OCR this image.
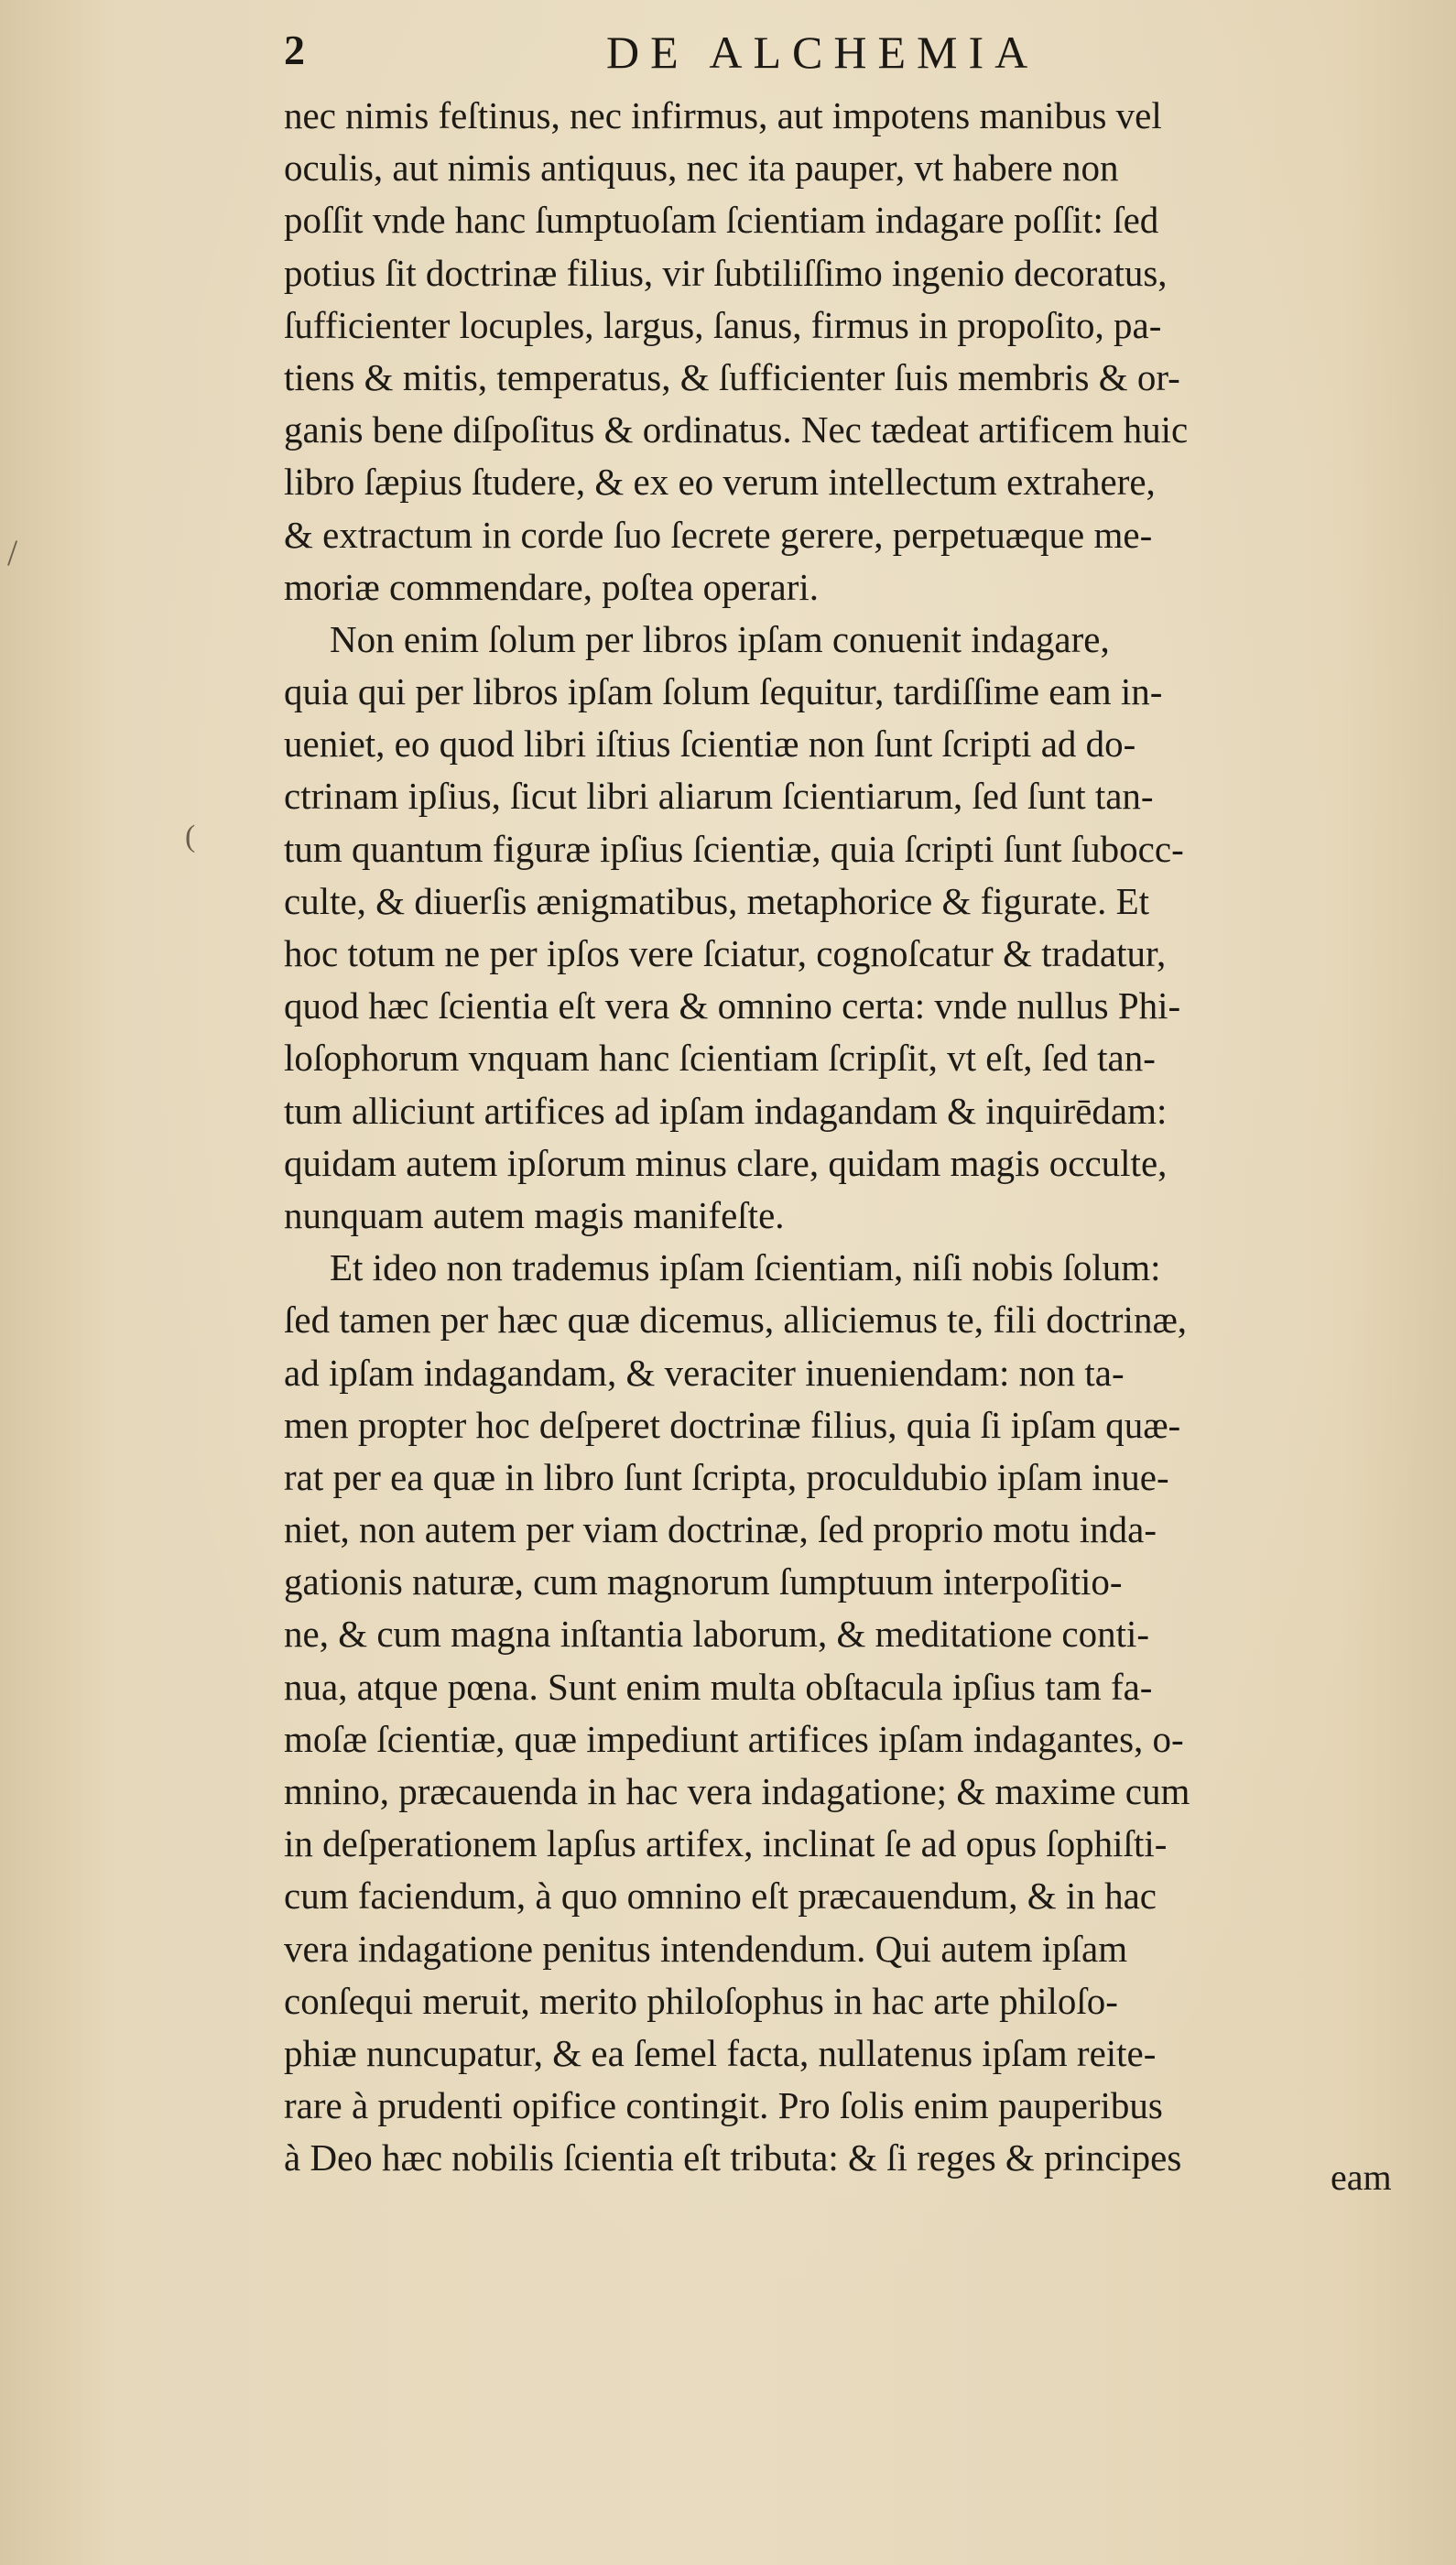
2	DE ALCHEMIA

nec nimis feſtinus, nec infirmus, aut impotens manibus vel
oculis, aut nimis antiquus, nec ita pauper, vt habere non
poſſit vnde hanc ſumptuoſam ſcientiam indagare poſſit: ſed
potius ſit doctrinæ filius, vir ſubtiliſſimo ingenio decoratus,
ſufficienter locuples, largus, ſanus, firmus in propoſito, pa-
tiens & mitis, temperatus, & ſufficienter ſuis membris & or-
ganis bene diſpoſitus & ordinatus. Nec tædeat artificem huic
libro ſæpius ſtudere, & ex eo verum intellectum extrahere,
& extractum in corde ſuo ſecrete gerere, perpetuæque me-
moriæ commendare, poſtea operari.

Non enim ſolum per libros ipſam conuenit indagare,
quia qui per libros ipſam ſolum ſequitur, tardiſſime eam in-
ueniet, eo quod libri iſtius ſcientiæ non ſunt ſcripti ad do-
ctrinam ipſius, ſicut libri aliarum ſcientiarum, ſed ſunt tan-
tum quantum figuræ ipſius ſcientiæ, quia ſcripti ſunt ſubocc-
culte, & diuerſis ænigmatibus, metaphorice & figurate. Et
hoc totum ne per ipſos vere ſciatur, cognoſcatur & tradatur,
quod hæc ſcientia eſt vera & omnino certa: vnde nullus Phi-
loſophorum vnquam hanc ſcientiam ſcripſit, vt eſt, ſed tan-
tum alliciunt artifices ad ipſam indagandam & inquirēdam:
quidam autem ipſorum minus clare, quidam magis occulte,
nunquam autem magis manifeſte.

Et ideo non trademus ipſam ſcientiam, niſi nobis ſolum:
ſed tamen per hæc quæ dicemus, alliciemus te, fili doctrinæ,
ad ipſam indagandam, & veraciter inueniendam: non ta-
men propter hoc deſperet doctrinæ filius, quia ſi ipſam quæ-
rat per ea quæ in libro ſunt ſcripta, proculdubio ipſam inue-
niet, non autem per viam doctrinæ, ſed proprio motu inda-
gationis naturæ, cum magnorum ſumptuum interpoſitio-
ne, & cum magna inſtantia laborum, & meditatione conti-
nua, atque pœna. Sunt enim multa obſtacula ipſius tam fa-
moſæ ſcientiæ, quæ impediunt artifices ipſam indagantes, o-
mnino, præcauenda in hac vera indagatione; & maxime cum
in deſperationem lapſus artifex, inclinat ſe ad opus ſophiſti-
cum faciendum, à quo omnino eſt præcauendum, & in hac
vera indagatione penitus intendendum. Qui autem ipſam
conſequi meruit, merito philoſophus in hac arte philoſo-
phiæ nuncupatur, & ea ſemel facta, nullatenus ipſam reite-
rare à prudenti opifice contingit. Pro ſolis enim pauperibus
à Deo hæc nobilis ſcientia eſt tributa: & ſi reges & principes	eam
/
(
